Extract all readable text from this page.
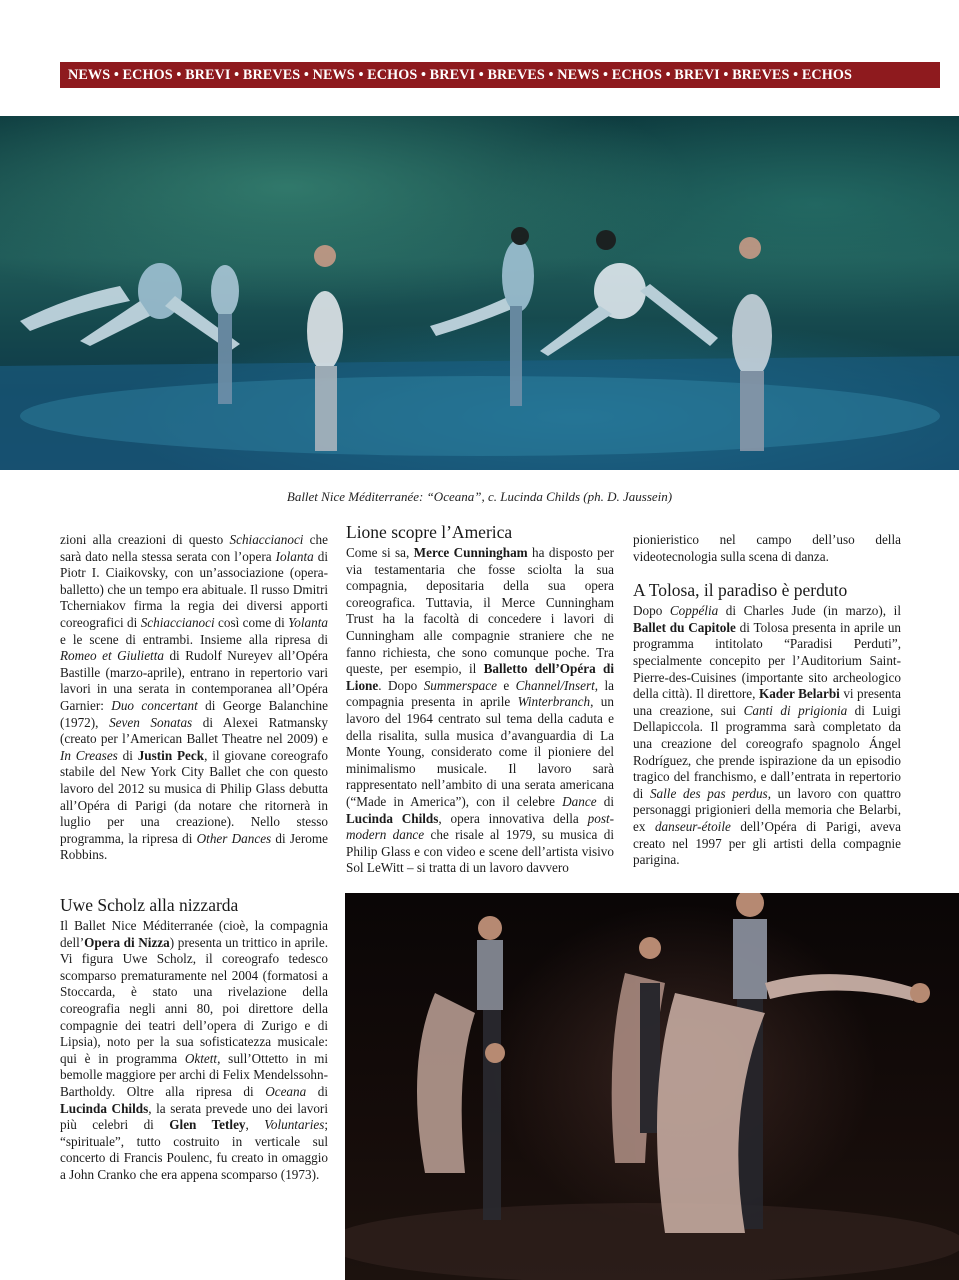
NEWS • ECHOS • BREVI • BREVES • NEWS • ECHOS • BREVI • BREVES • NEWS • ECHOS • BREVI • BREVES • ECHOS
Ballet Nice Méditerranée: “Oceana”, c. Lucinda Childs (ph. D. Jaussein)

zioni alla creazioni di questo Schiaccianoci che sarà dato nella stessa serata con l’opera Iolanta di Piotr I. Ciaikovsky, con un’associazione (opera-balletto) che un tempo era abituale. Il russo Dmitri Tcherniakov firma la regia dei diversi apporti coreografici di Schiaccianoci così come di Yolanta e le scene di entrambi. Insieme alla ripresa di Romeo et Giulietta di Rudolf Nureyev all’Opéra Bastille (marzo-aprile), entrano in repertorio vari lavori in una serata in contemporanea all’Opéra Garnier: Duo concertant di George Balanchine (1972), Seven Sonatas di Alexei Ratmansky (creato per l’American Ballet Theatre nel 2009) e In Creases di Justin Peck, il giovane coreografo stabile del New York City Ballet che con questo lavoro del 2012 su musica di Philip Glass debutta all’Opéra di Parigi (da notare che ritornerà in luglio per una creazione). Nello stesso programma, la ripresa di Other Dances di Jerome Robbins.

Lione scopre l’America

Come si sa, Merce Cunningham ha disposto per via testamentaria che fosse sciolta la sua compagnia, depositaria della sua opera coreografica. Tuttavia, il Merce Cunningham Trust ha la facoltà di concedere i lavori di Cunningham alle compagnie straniere che ne fanno richiesta, che sono comunque poche. Tra queste, per esempio, il Balletto dell’Opéra di Lione. Dopo Summerspace e Channel/Insert, la compagnia presenta in aprile Winterbranch, un lavoro del 1964 centrato sul tema della caduta e della risalita, sulla musica d’avanguardia di La Monte Young, considerato come il pioniere del minimalismo musicale. Il lavoro sarà rappresentato nell’ambito di una serata americana (“Made in America”), con il celebre Dance di Lucinda Childs, opera innovativa della post-modern dance che risale al 1979, su musica di Philip Glass e con video e scene dell’artista visivo Sol LeWitt – si tratta di un lavoro davvero

pionieristico nel campo dell’uso della videotecnologia sulla scena di danza.

A Tolosa, il paradiso è perduto

Dopo Coppélia di Charles Jude (in marzo), il Ballet du Capitole di Tolosa presenta in aprile un programma intitolato “Paradisi Perduti”, specialmente concepito per l’Auditorium Saint-Pierre-des-Cuisines (importante sito archeologico della città). Il direttore, Kader Belarbi vi presenta una creazione, sui Canti di prigionia di Luigi Dellapiccola. Il programma sarà completato da una creazione del coreografo spagnolo Ángel Rodríguez, che prende ispirazione da un episodio tragico del franchismo, e dall’entrata in repertorio di Salle des pas perdus, un lavoro con quattro personaggi prigionieri della memoria che Belarbi, ex danseur-étoile dell’Opéra di Parigi, aveva creato nel 1997 per gli artisti della compagnie parigina.

Uwe Scholz alla nizzarda

Il Ballet Nice Méditerranée (cioè, la compagnia dell’Opera di Nizza) presenta un trittico in aprile. Vi figura Uwe Scholz, il coreografo tedesco scomparso prematuramente nel 2004 (formatosi a Stoccarda, è stato una rivelazione della coreografia negli anni 80, poi direttore della compagnie dei teatri dell’opera di Zurigo e di Lipsia), noto per la sua sofisticatezza musicale: qui è in programma Oktett, sull’Ottetto in mi bemolle maggiore per archi di Felix Mendelssohn-Bartholdy. Oltre alla ripresa di Oceana di Lucinda Childs, la serata prevede uno dei lavori più celebri di Glen Tetley, Voluntaries; “spirituale”, tutto costruito in verticale sul concerto di Francis Poulenc, fu creato in omaggio a John Cranko che era appena scomparso (1973).
